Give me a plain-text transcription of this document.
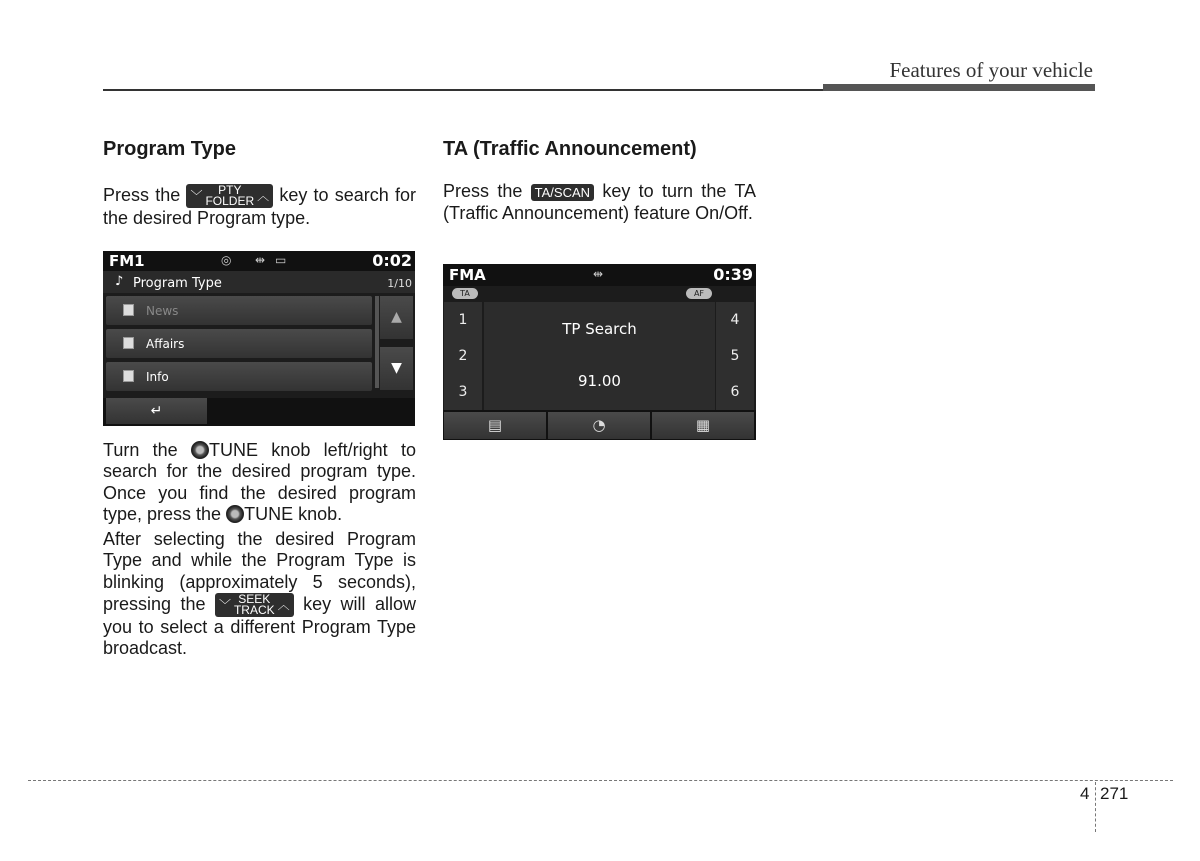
Features of your vehicle
Program Type

Press the ﹀ PTY
FOLDER ︿ key to search for the desired Program type.

FM1	◎ ⇹ ▭	0:02
♪ Program Type	1/10
News
Affairs
Info
▲
▼
↵

Turn the TUNE knob left/right to search for the desired program type. Once you find the desired program type, press the TUNE knob.

After selecting the desired Program Type and while the Program Type is blinking (approximately 5 seconds), pressing the ﹀ SEEK
TRACK ︿ key will allow you to select a different Program Type broadcast.

TA (Traffic Announcement)

Press the TA/SCAN key to turn the TA (Traffic Announcement) feature On/Off.

FMA	⇹	0:39
TA	AF
1
2
3
4
5
6
TP Search
91.00
▤	◔	▦
4 271
